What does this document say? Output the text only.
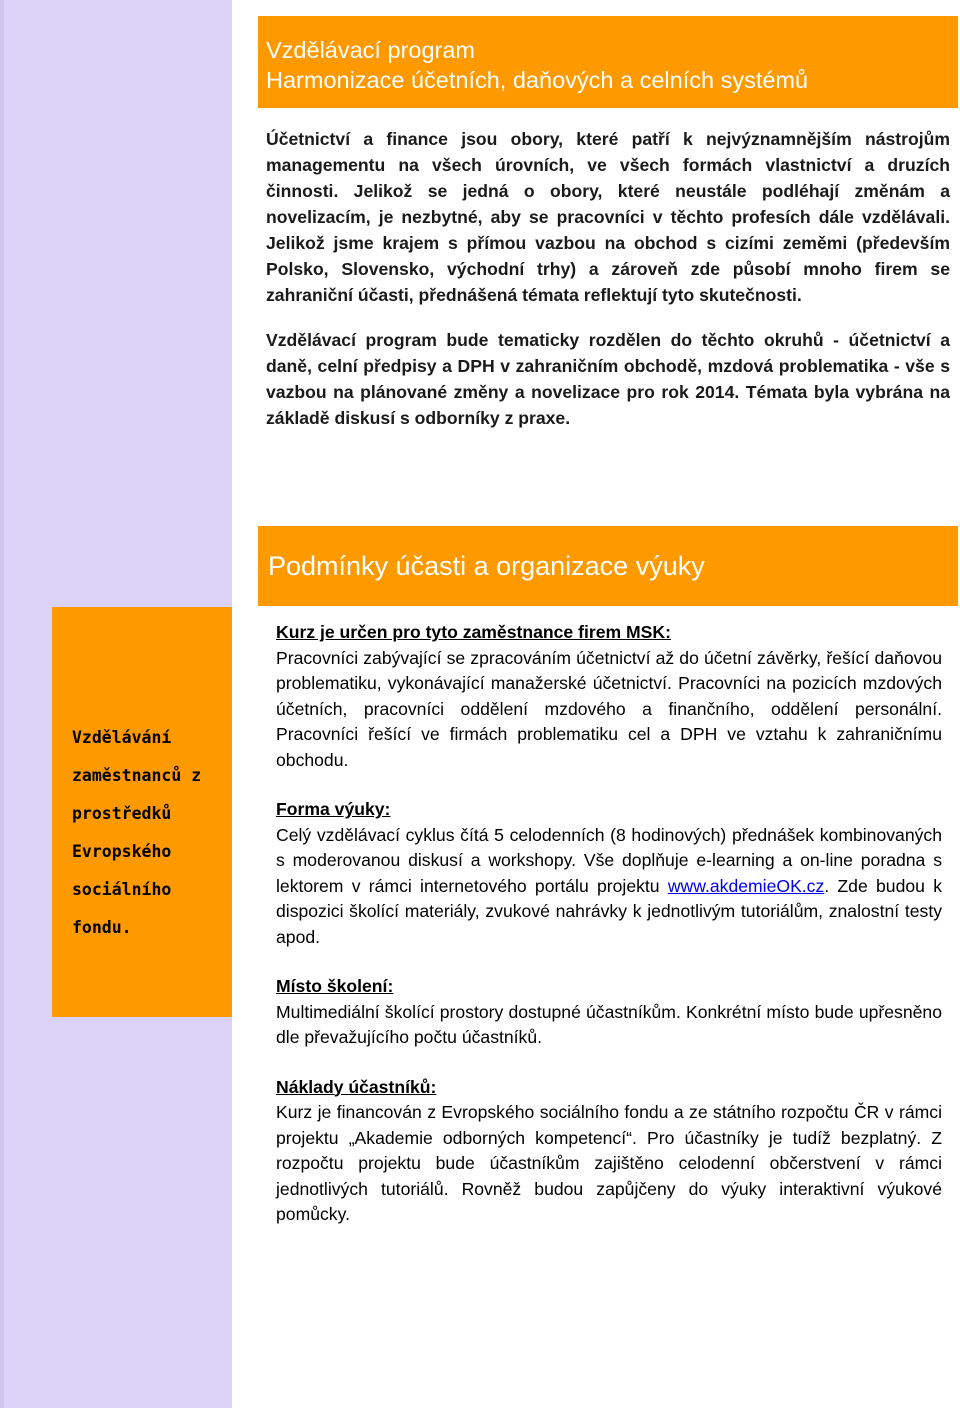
Vzdělávací program
Harmonizace účetních, daňových a celních systémů

Účetnictví a finance jsou obory, které patří k nejvýznamnějším nástrojům managementu na všech úrovních, ve všech formách vlastnictví a druzích činnosti. Jelikož se jedná o obory, které neustále podléhají změnám a novelizacím, je nezbytné, aby se pracovníci v těchto profesích dále vzdělávali. Jelikož jsme krajem s přímou vazbou na obchod s cizími zeměmi (především Polsko, Slovensko, východní trhy) a zároveň zde působí mnoho firem se zahraniční účasti, přednášená témata reflektují tyto skutečnosti.

Vzdělávací program bude tematicky rozdělen do těchto okruhů - účetnictví a daně, celní předpisy a DPH v zahraničním obchodě, mzdová problematika - vše s vazbou na plánované změny a novelizace pro rok 2014. Témata byla vybrána na základě diskusí s odborníky z praxe.

Podmínky účasti a organizace výuky
Vzdělávání
zaměstnanců z
prostředků
Evropského
sociálního
fondu.
Kurz je určen pro tyto zaměstnance firem MSK:
Pracovníci zabývající se zpracováním účetnictví až do účetní závěrky, řešící daňovou problematiku, vykonávající manažerské účetnictví. Pracovníci na pozicích mzdových účetních, pracovníci oddělení mzdového a finančního, oddělení personální. Pracovníci řešící ve firmách problematiku cel a DPH ve vztahu k zahraničnímu obchodu.
Forma výuky:
Celý vzdělávací cyklus čítá 5 celodenních (8 hodinových) přednášek kombinovaných s moderovanou diskusí a workshopy. Vše doplňuje e-learning a on-line poradna s lektorem v rámci internetového portálu projektu www.akdemieOK.cz. Zde budou k dispozici školící materiály, zvukové nahrávky k jednotlivým tutoriálům, znalostní testy apod.
Místo školení:
Multimediální školící prostory dostupné účastníkům. Konkrétní místo bude upřesněno dle převažujícího počtu účastníků.
Náklady účastníků:
Kurz je financován z Evropského sociálního fondu a ze státního rozpočtu ČR v rámci projektu „Akademie odborných kompetencí“. Pro účastníky je tudíž bezplatný. Z rozpočtu projektu bude účastníkům zajištěno celodenní občerstvení v rámci jednotlivých tutoriálů. Rovněž budou zapůjčeny do výuky interaktivní výukové pomůcky.
